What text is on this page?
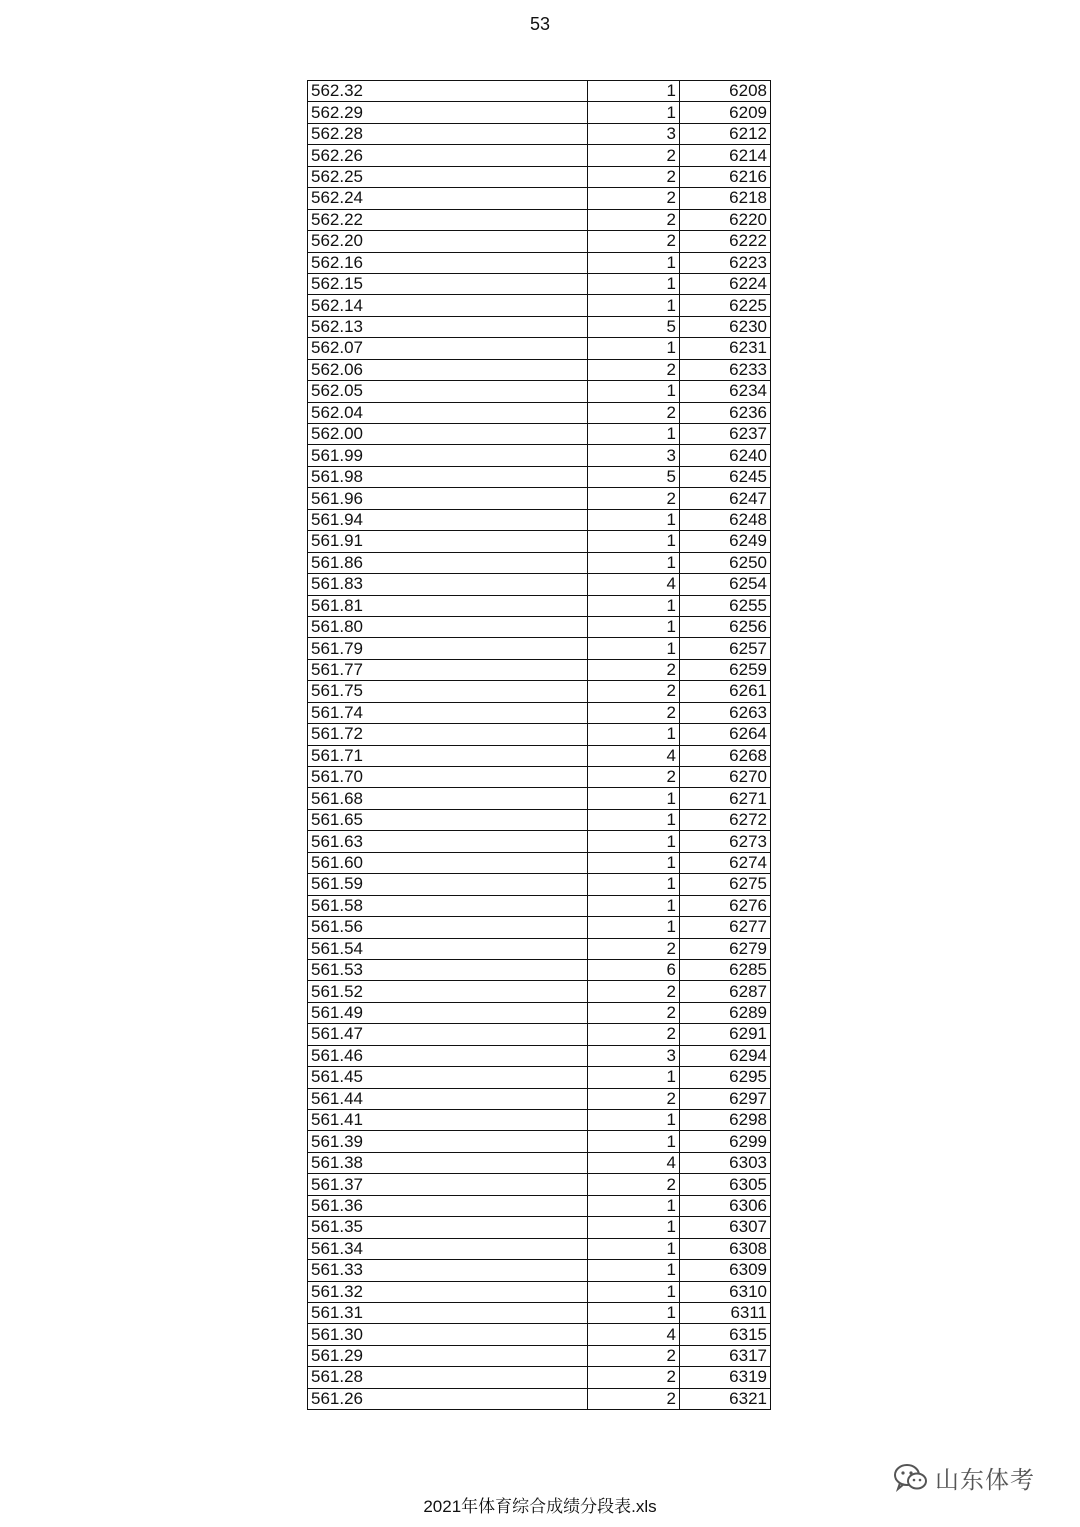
53
562.32	1	6208
562.29	1	6209
562.28	3	6212
562.26	2	6214
562.25	2	6216
562.24	2	6218
562.22	2	6220
562.20	2	6222
562.16	1	6223
562.15	1	6224
562.14	1	6225
562.13	5	6230
562.07	1	6231
562.06	2	6233
562.05	1	6234
562.04	2	6236
562.00	1	6237
561.99	3	6240
561.98	5	6245
561.96	2	6247
561.94	1	6248
561.91	1	6249
561.86	1	6250
561.83	4	6254
561.81	1	6255
561.80	1	6256
561.79	1	6257
561.77	2	6259
561.75	2	6261
561.74	2	6263
561.72	1	6264
561.71	4	6268
561.70	2	6270
561.68	1	6271
561.65	1	6272
561.63	1	6273
561.60	1	6274
561.59	1	6275
561.58	1	6276
561.56	1	6277
561.54	2	6279
561.53	6	6285
561.52	2	6287
561.49	2	6289
561.47	2	6291
561.46	3	6294
561.45	1	6295
561.44	2	6297
561.41	1	6298
561.39	1	6299
561.38	4	6303
561.37	2	6305
561.36	1	6306
561.35	1	6307
561.34	1	6308
561.33	1	6309
561.32	1	6310
561.31	1	6311
561.30	4	6315
561.29	2	6317
561.28	2	6319
561.26	2	6321
2021年体育综合成绩分段表.xls
山东体考
